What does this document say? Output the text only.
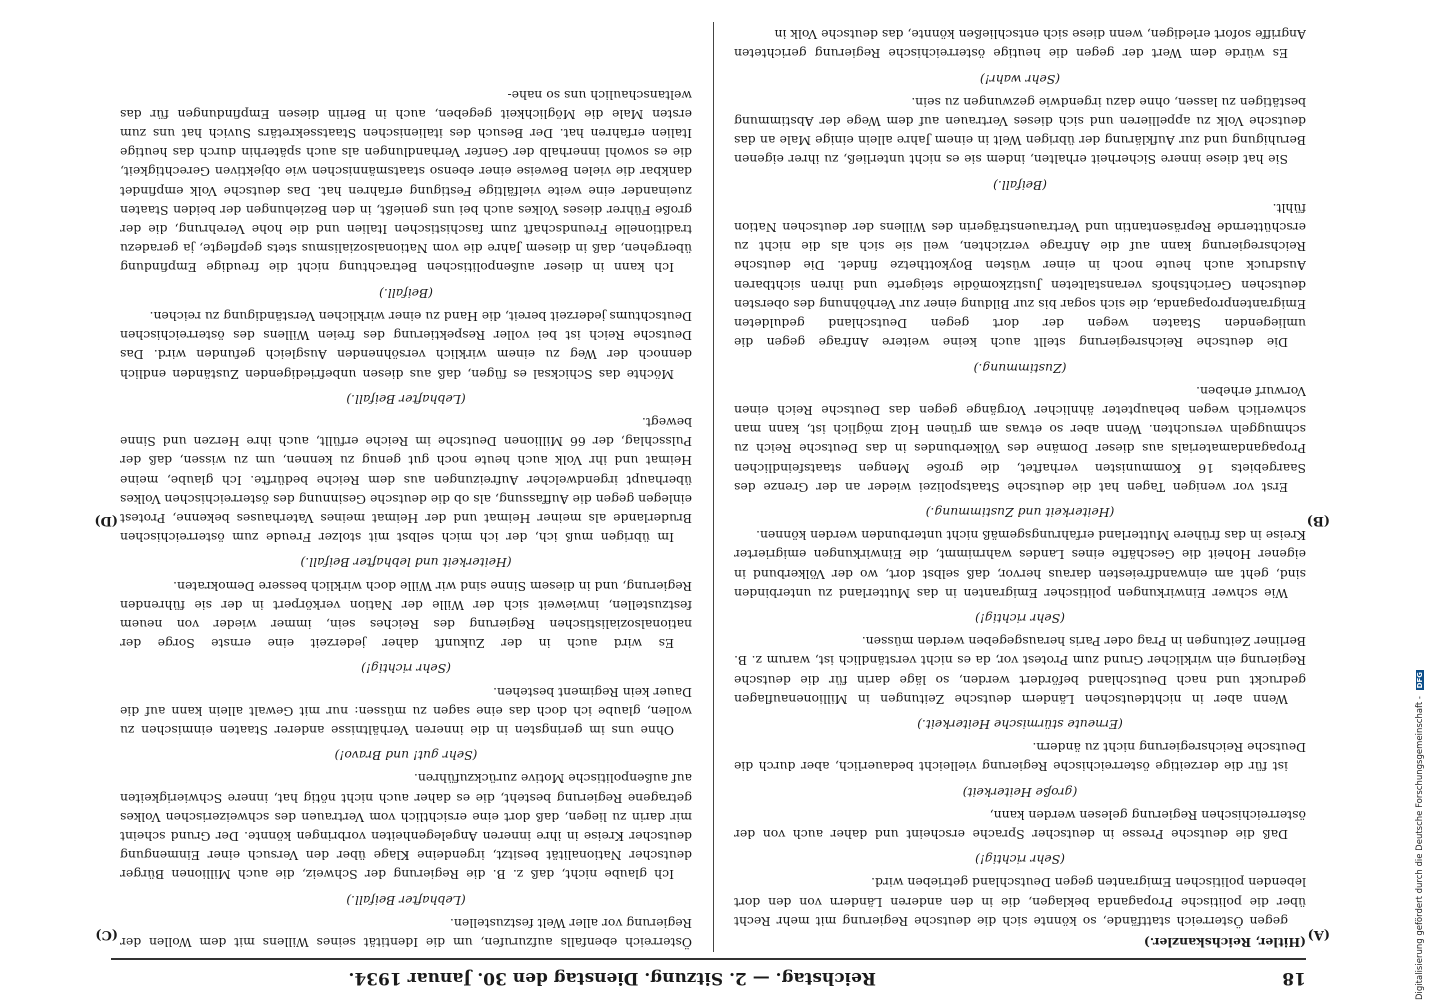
18
Reichstag. — 2. Sitzung. Dienstag den 30. Januar 1934.
(A)
(B)
(C)
(D)

(Hitler, Reichskanzler.)

gegen Österreich stattfände, so könnte sich die deutsche Regierung mit mehr Recht über die politische Propaganda beklagen, die in den anderen Ländern von den dort lebenden politischen Emigranten gegen Deutschland getrieben wird.

(Sehr richtig!)

Daß die deutsche Presse in deutscher Sprache erscheint und daher auch von der österreichischen Regierung gelesen werden kann,

(große Heiterkeit)

ist für die derzeitige österreichische Regierung vielleicht bedauerlich, aber durch die Deutsche Reichsregierung nicht zu ändern.

(Erneute stürmische Heiterkeit.)

Wenn aber in nichtdeutschen Ländern deutsche Zeitungen in Millionenauflagen gedruckt und nach Deutschland befördert werden, so läge darin für die deutsche Regierung ein wirklicher Grund zum Protest vor, da es nicht verständlich ist, warum z. B. Berliner Zeitungen in Prag oder Paris herausgegeben werden müssen.

(Sehr richtig!)

Wie schwer Einwirkungen politischer Emigranten in das Mutterland zu unterbinden sind, geht am einwandfreiesten daraus hervor, daß selbst dort, wo der Völkerbund in eigener Hoheit die Geschäfte eines Landes wahrnimmt, die Einwirkungen emigrierter Kreise in das frühere Mutterland erfahrungsgemäß nicht unterbunden werden können.

(Heiterkeit und Zustimmung.)

Erst vor wenigen Tagen hat die deutsche Staatspolizei wieder an der Grenze des Saargebiets 16 Kommunisten verhaftet, die große Mengen staatsfeindlichen Propagandamaterials aus dieser Domäne des Völkerbundes in das Deutsche Reich zu schmuggeln versuchten. Wenn aber so etwas am grünen Holz möglich ist, kann man schwerlich wegen behaupteter ähnlicher Vorgänge gegen das Deutsche Reich einen Vorwurf erheben.

(Zustimmung.)

Die deutsche Reichsregierung stellt auch keine weitere Anfrage gegen die umliegenden Staaten wegen der dort gegen Deutschland geduldeten Emigrantenpropaganda, die sich sogar bis zur Bildung einer zur Verhöhnung des obersten deutschen Gerichtshofs veranstalteten Justizkomödie steigerte und ihren sichtbaren Ausdruck auch heute noch in einer wüsten Boykotthetze findet. Die deutsche Reichsregierung kann auf die Anfrage verzichten, weil sie sich als die nicht zu erschütternde Repräsentantin und Vertrauensträgerin des Willens der deutschen Nation fühlt.

(Beifall.)

Sie hat diese innere Sicherheit erhalten, indem sie es nicht unterließ, zu ihrer eigenen Beruhigung und zur Aufklärung der übrigen Welt in einem Jahre allein einige Male an das deutsche Volk zu appellieren und sich dieses Vertrauen auf dem Wege der Abstimmung bestätigen zu lassen, ohne dazu irgendwie gezwungen zu sein.

(Sehr wahr!)

Es würde dem Wert der gegen die heutige österreichische Regierung gerichteten Angriffe sofort erledigen, wenn diese sich entschließen könnte, das deutsche Volk in

Österreich ebenfalls aufzurufen, um die Identität seines Willens mit dem Wollen der Regierung vor aller Welt festzustellen.

(Lebhafter Beifall.)

Ich glaube nicht, daß z. B. die Regierung der Schweiz, die auch Millionen Bürger deutscher Nationalität besitzt, irgendeine Klage über den Versuch einer Einmengung deutscher Kreise in ihre inneren Angelegenheiten vorbringen könnte. Der Grund scheint mir darin zu liegen, daß dort eine ersichtlich vom Vertrauen des schweizerischen Volkes getragene Regierung besteht, die es daher auch nicht nötig hat, innere Schwierigkeiten auf außenpolitische Motive zurückzuführen.

(Sehr gut! und Bravo!)

Ohne uns im geringsten in die inneren Verhältnisse anderer Staaten einmischen zu wollen, glaube ich doch das eine sagen zu müssen: nur mit Gewalt allein kann auf die Dauer kein Regiment bestehen.

(Sehr richtig!)

Es wird auch in der Zukunft daher jederzeit eine ernste Sorge der nationalsozialistischen Regierung des Reiches sein, immer wieder von neuem festzustellen, inwieweit sich der Wille der Nation verkörpert in der sie führenden Regierung, und in diesem Sinne sind wir Wille doch wirklich bessere Demokraten.

(Heiterkeit und lebhafter Beifall.)

Im übrigen muß ich, der ich mich selbst mit stolzer Freude zum österreichischen Bruderlande als meiner Heimat und der Heimat meines Vaterhauses bekenne, Protest einlegen gegen die Auffassung, als ob die deutsche Gesinnung des österreichischen Volkes überhaupt irgendwelcher Aufreizungen aus dem Reiche bedürfte. Ich glaube, meine Heimat und ihr Volk auch heute noch gut genug zu kennen, um zu wissen, daß der Pulsschlag, der 66 Millionen Deutsche im Reiche erfüllt, auch ihre Herzen und Sinne bewegt.

(Lebhafter Beifall.)

Möchte das Schicksal es fügen, daß aus diesen unbefriedigenden Zuständen endlich dennoch der Weg zu einem wirklich versöhnenden Ausgleich gefunden wird. Das Deutsche Reich ist bei voller Respektierung des freien Willens des österreichischen Deutschtums jederzeit bereit, die Hand zu einer wirklichen Verständigung zu reichen.

(Beifall.)

Ich kann in dieser außenpolitischen Betrachtung nicht die freudige Empfindung übergehen, daß in diesem Jahre die vom Nationalsozialismus stets gepflegte, ja geradezu traditionelle Freundschaft zum faschistischen Italien und die hohe Verehrung, die der große Führer dieses Volkes auch bei uns genießt, in den Beziehungen der beiden Staaten zueinander eine weite vielfältige Festigung erfahren hat. Das deutsche Volk empfindet dankbar die vielen Beweise einer ebenso staatsmännischen wie objektiven Gerechtigkeit, die es sowohl innerhalb der Genfer Verhandlungen als auch späterhin durch das heutige Italien erfahren hat. Der Besuch des italienischen Staatssekretärs Suvich hat uns zum ersten Male die Möglichkeit gegeben, auch in Berlin diesen Empfindungen für das weltanschaulich uns so nahe-

Digitalisierung gefördert durch die Deutsche Forschungsgemeinschaft - DFG
